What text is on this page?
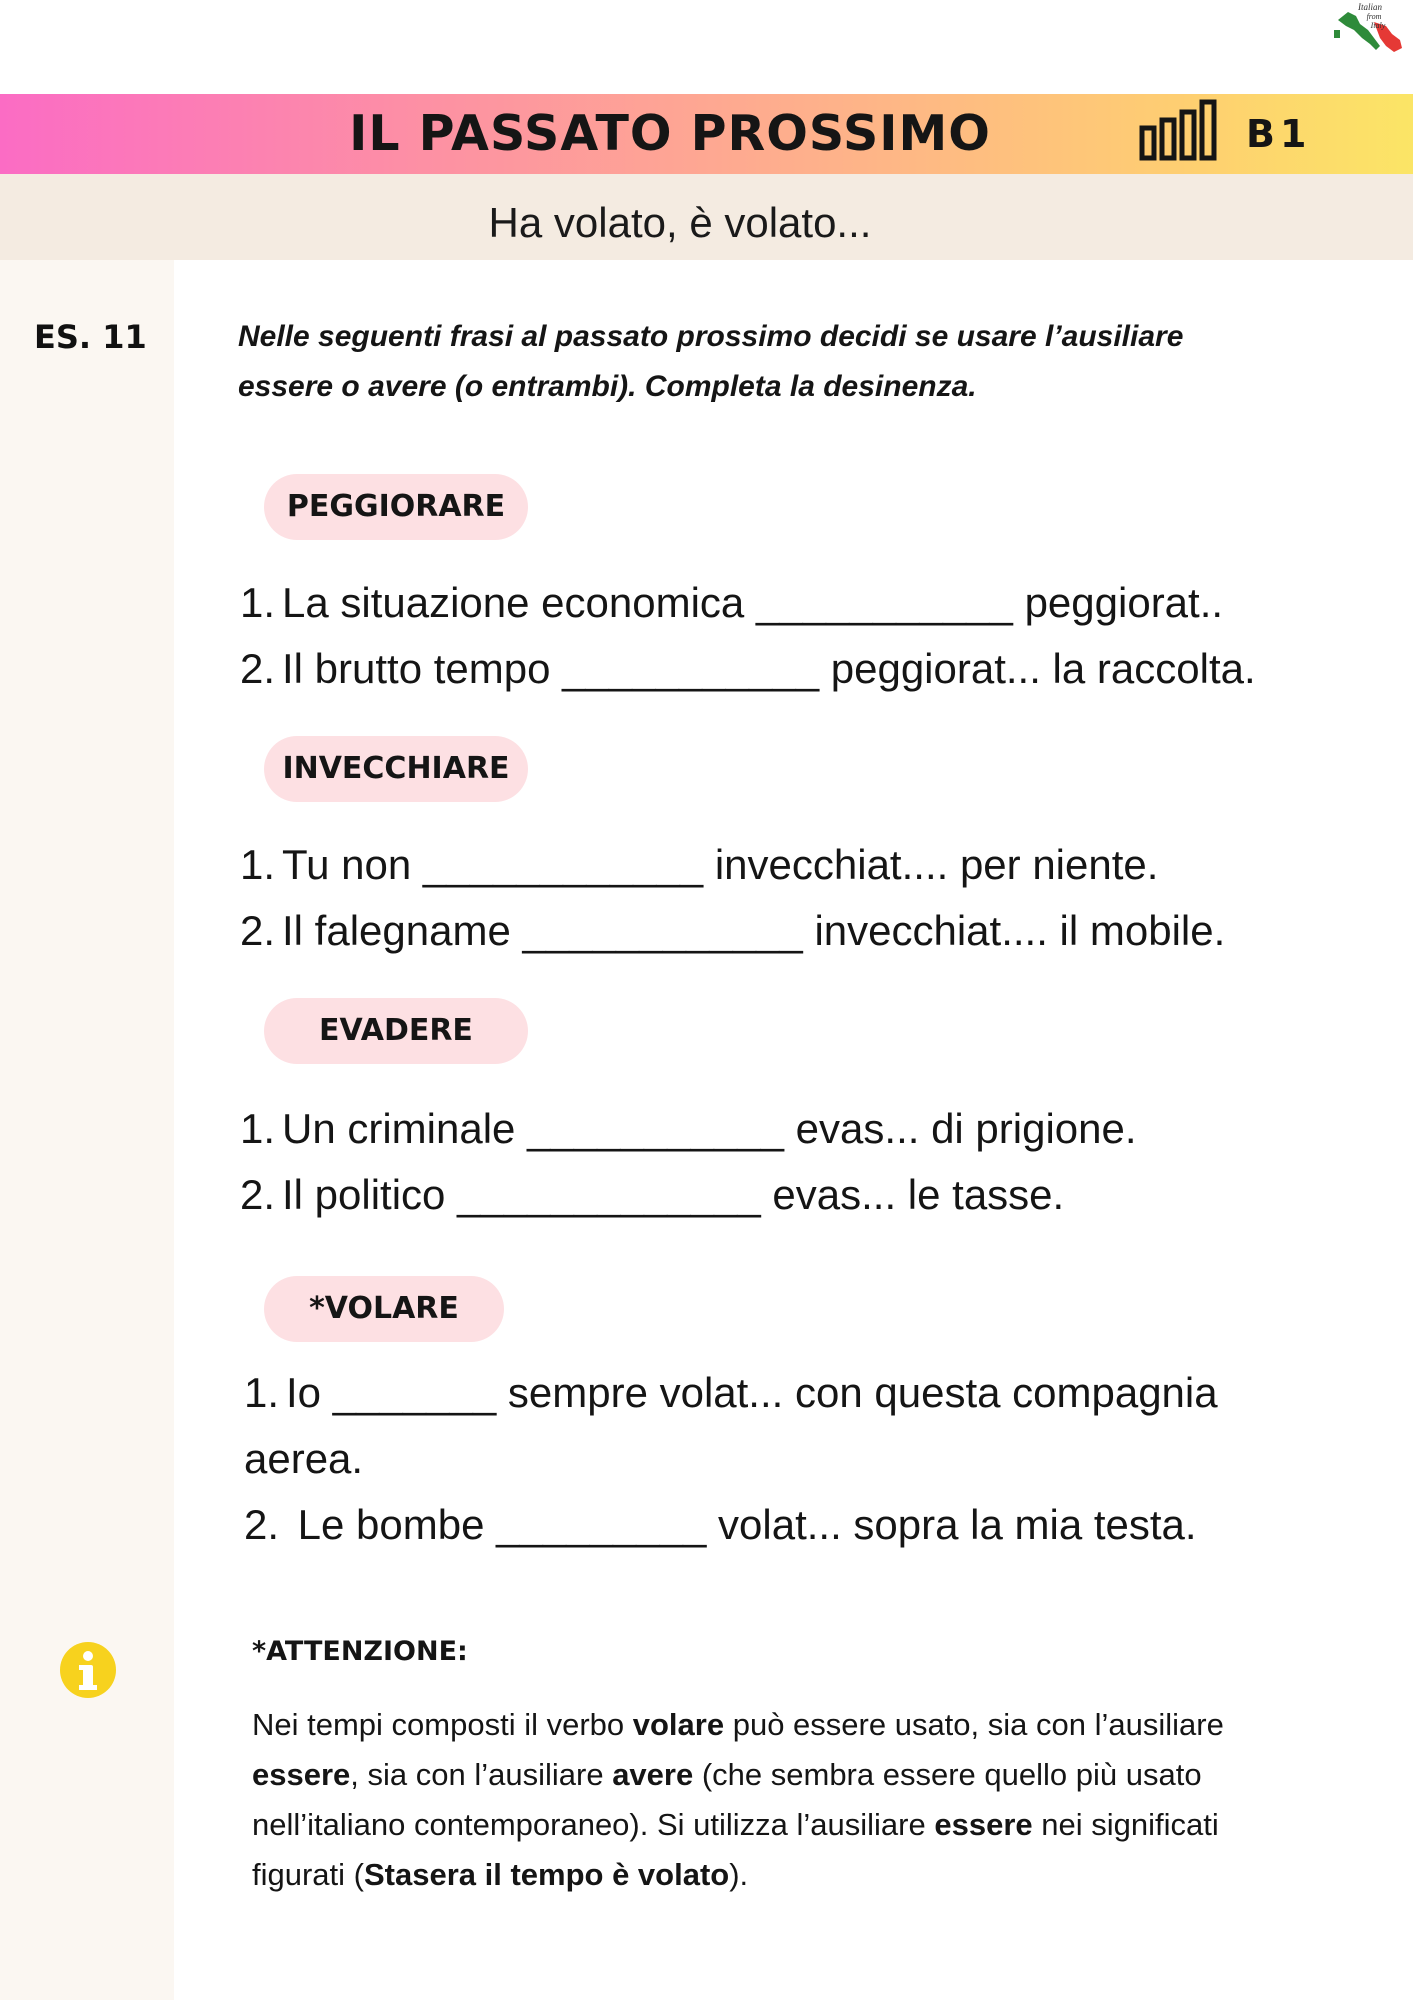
Italian
from
Italy
IL PASSATO PROSSIMO	B1
Ha volato, è volato...
ES. 11	Nelle seguenti frasi al passato prossimo decidi se usare l’ausiliare essere o avere (o entrambi). Completa la desinenza.
PEGGIORARE
1. La situazione economica ___________ peggiorat..
2. Il brutto tempo ___________ peggiorat... la raccolta.
INVECCHIARE
1. Tu non ____________ invecchiat.... per niente.
2. Il falegname ____________ invecchiat.... il mobile.
EVADERE
1. Un criminale ___________ evas... di prigione.
2. Il politico _____________ evas... le tasse.
*VOLARE
1. Io _______ sempre volat... con questa compagnia
aerea.
2. Le bombe _________ volat... sopra la mia testa.
*ATTENZIONE:
Nei tempi composti il verbo volare può essere usato, sia con l’ausiliare essere, sia con l’ausiliare avere (che sembra essere quello più usato nell’italiano contemporaneo). Si utilizza l’ausiliare essere nei significati figurati (Stasera il tempo è volato).
